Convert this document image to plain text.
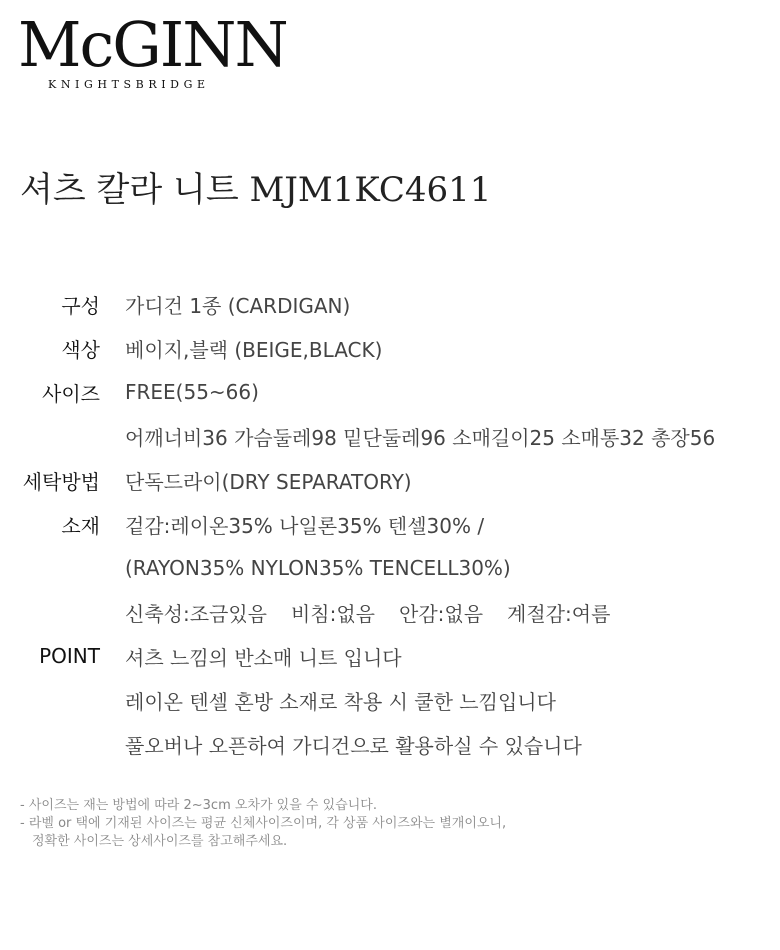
McGINN
KNIGHTSBRIDGE
셔츠 칼라 니트 MJM1KC4611
구성 가디건 1종 (CARDIGAN)
색상 베이지,블랙 (BEIGE,BLACK)
사이즈 FREE(55~66)
어깨너비36 가슴둘레98 밑단둘레96 소매길이25 소매통32 총장56
세탁방법 단독드라이(DRY SEPARATORY)
소재 겉감:레이온35% 나일론35% 텐셀30% /
(RAYON35% NYLON35% TENCELL30%)
신축성:조금있음 비침:없음 안감:없음 계절감:여름
POINT 셔츠 느낌의 반소매 니트 입니다
레이온 텐셀 혼방 소재로 착용 시 쿨한 느낌입니다
풀오버나 오픈하여 가디건으로 활용하실 수 있습니다
- 사이즈는 재는 방법에 따라 2~3cm 오차가 있을 수 있습니다.
- 라벨 or 택에 기재된 사이즈는 평균 신체사이즈이며, 각 상품 사이즈와는 별개이오니,
정확한 사이즈는 상세사이즈를 참고해주세요.
